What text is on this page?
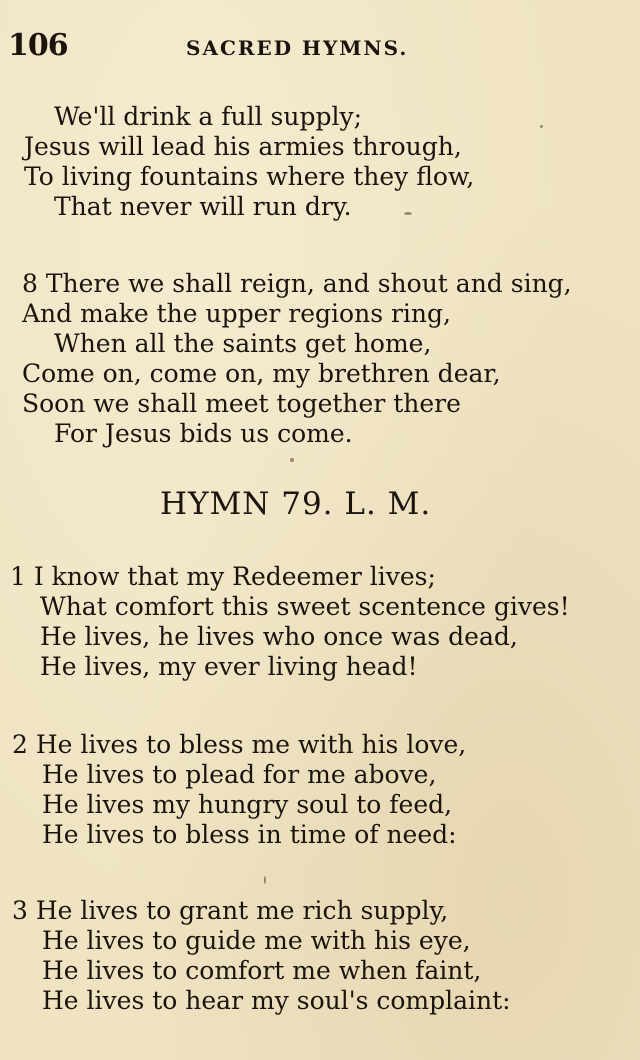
106	SACRED HYMNS.
We'll drink a full supply;
Jesus will lead his armies through,
To living fountains where they flow,
That never will run dry.
8 There we shall reign, and shout and sing,
And make the upper regions ring,
When all the saints get home,
Come on, come on, my brethren dear,
Soon we shall meet together there
For Jesus bids us come.
HYMN 79. L. M.
1 I know that my Redeemer lives;
What comfort this sweet scentence gives!
He lives, he lives who once was dead,
He lives, my ever living head!
2 He lives to bless me with his love,
He lives to plead for me above,
He lives my hungry soul to feed,
He lives to bless in time of need:
3 He lives to grant me rich supply,
He lives to guide me with his eye,
He lives to comfort me when faint,
He lives to hear my soul's complaint:
